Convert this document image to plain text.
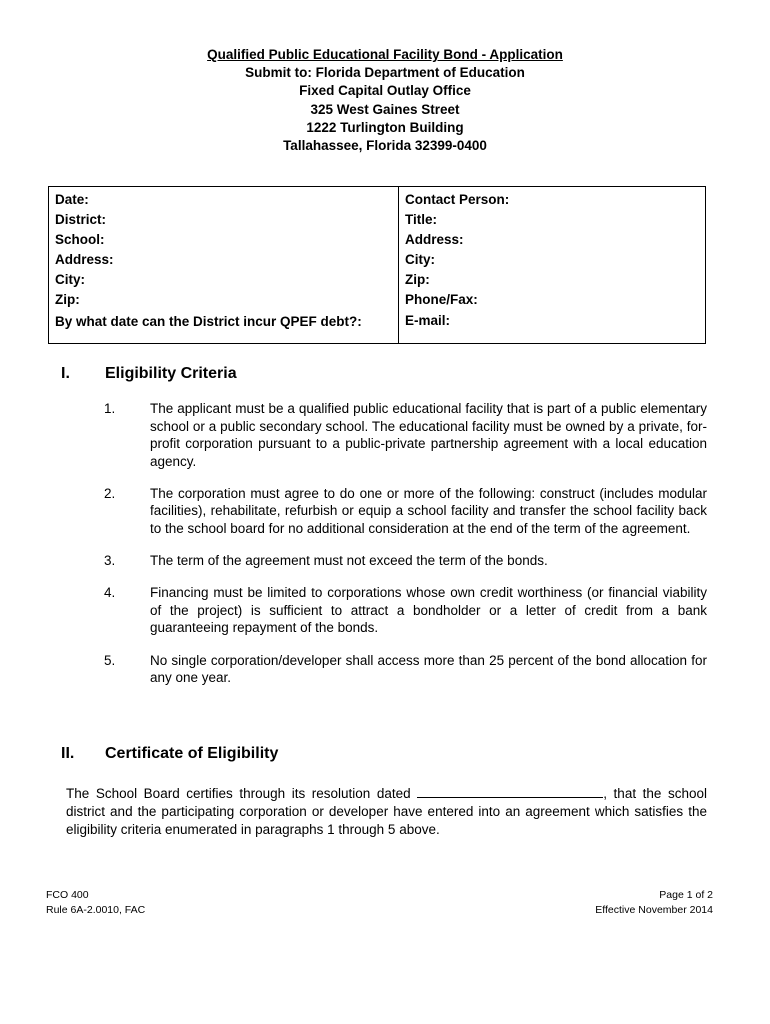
Qualified Public Educational Facility Bond - Application
Submit to: Florida Department of Education
Fixed Capital Outlay Office
325 West Gaines Street
1222 Turlington Building
Tallahassee, Florida 32399-0400
Date:
District:
School:
Address:
City:
Zip:
By what date can the District incur QPEF debt?:
Contact Person:
Title:
Address:
City:
Zip:
Phone/Fax:
E-mail:
I. Eligibility Criteria
1.	The applicant must be a qualified public educational facility that is part of a public elementary school or a public secondary school. The educational facility must be owned by a private, for-profit corporation pursuant to a public-private partnership agreement with a local education agency.
2.	The corporation must agree to do one or more of the following: construct (includes modular facilities), rehabilitate, refurbish or equip a school facility and transfer the school facility back to the school board for no additional consideration at the end of the term of the agreement.
3.	The term of the agreement must not exceed the term of the bonds.
4.	Financing must be limited to corporations whose own credit worthiness (or financial viability of the project) is sufficient to attract a bondholder or a letter of credit from a bank guaranteeing repayment of the bonds.
5.	No single corporation/developer shall access more than 25 percent of the bond allocation for any one year.
II. Certificate of Eligibility
The School Board certifies through its resolution dated	, that the school district and the participating corporation or developer have entered into an agreement which satisfies the eligibility criteria enumerated in paragraphs 1 through 5 above.
FCO 400
Rule 6A-2.0010, FAC
Page 1 of 2
Effective November 2014
